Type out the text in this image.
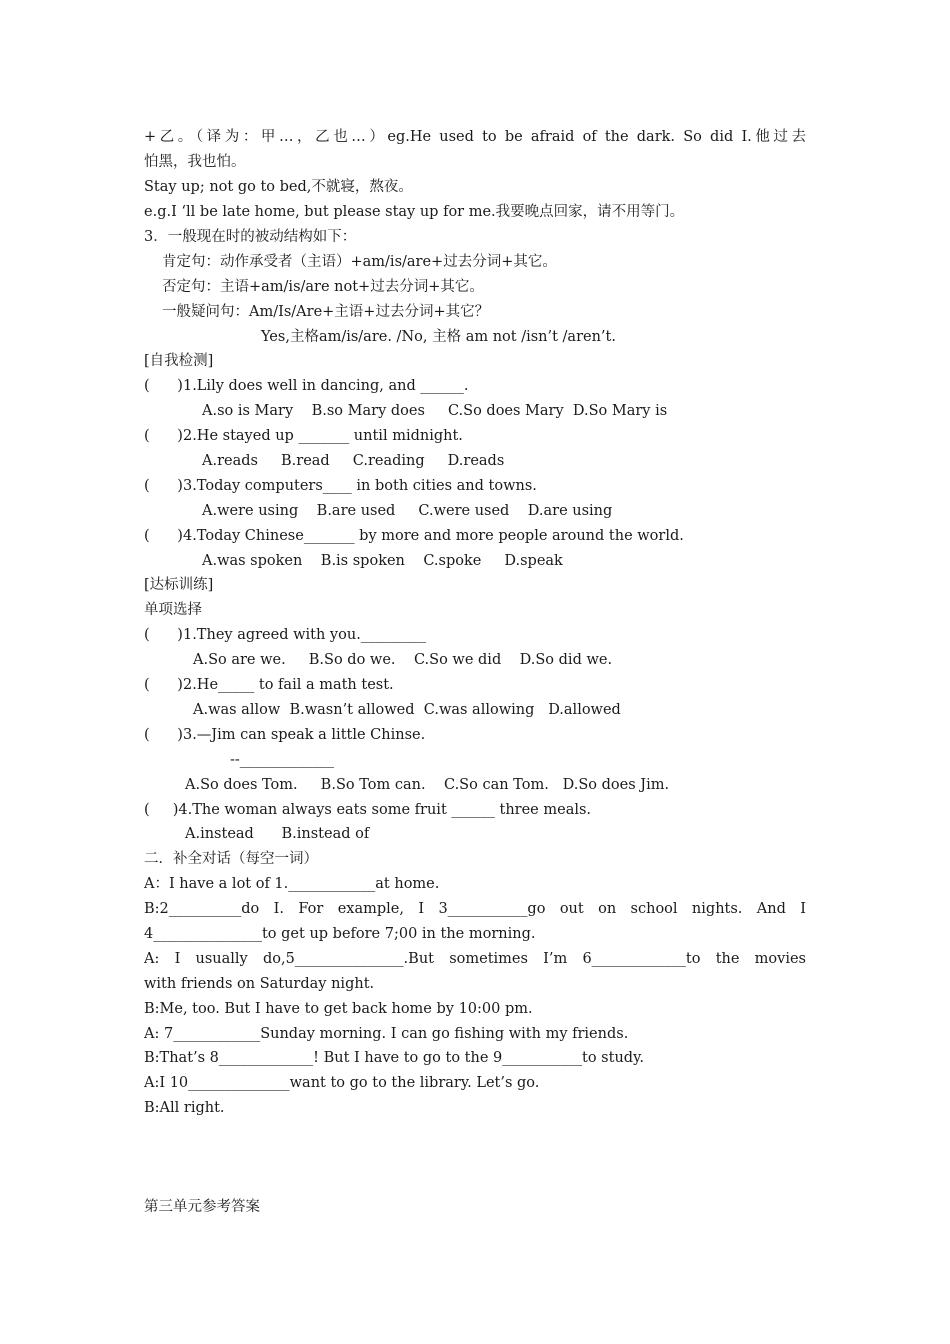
+乙。（译为：甲…，乙也…）eg.He used to be afraid of the dark. So did I.他过去
怕黑，我也怕。
Stay up; not go to bed,不就寝，熬夜。
e.g.I ‘ll be late home, but please stay up for me.我要晚点回家，请不用等门。
3．一般现在时的被动结构如下：
肯定句：动作承受者（主语）+am/is/are+过去分词+其它。
否定句：主语+am/is/are not+过去分词+其它。
一般疑问句：Am/Is/Are+主语+过去分词+其它？
Yes,主格am/is/are. /No, 主格 am not /isn’t /aren’t.
[自我检测]
(      )1.Lily does well in dancing, and ______.
A.so is Mary    B.so Mary does     C.So does Mary  D.So Mary is
(      )2.He stayed up _______ until midnight.
A.reads     B.read     C.reading     D.reads
(      )3.Today computers____ in both cities and towns.
A.were using    B.are used     C.were used    D.are using
(      )4.Today Chinese_______ by more and more people around the world.
A.was spoken    B.is spoken    C.spoke     D.speak
[达标训练]
单项选择
(      )1.They agreed with you._________
A.So are we.     B.So do we.    C.So we did    D.So did we.
(      )2.He_____ to fail a math test.
A.was allow  B.wasn’t allowed  C.was allowing   D.allowed
(      )3.—Jim can speak a little Chinse.
--_____________
A.So does Tom.     B.So Tom can.    C.So can Tom.   D.So does Jim.
(     )4.The woman always eats some fruit ______ three meals.
A.instead      B.instead of
二．补全对话（每空一词）
A：I have a lot of 1.____________at home.
B:2__________do I. For example, I 3___________go out on school nights. And I
4_______________to get up before 7;00 in the morning.
A: I usually do,5_______________.But sometimes I’m 6_____________to the movies
with friends on Saturday night.
B:Me, too. But I have to get back home by 10:00 pm.
A: 7____________Sunday morning. I can go fishing with my friends.
B:That’s 8_____________! But I have to go to the 9___________to study.
A:I 10______________want to go to the library. Let’s go.
B:All right.
第三单元参考答案
